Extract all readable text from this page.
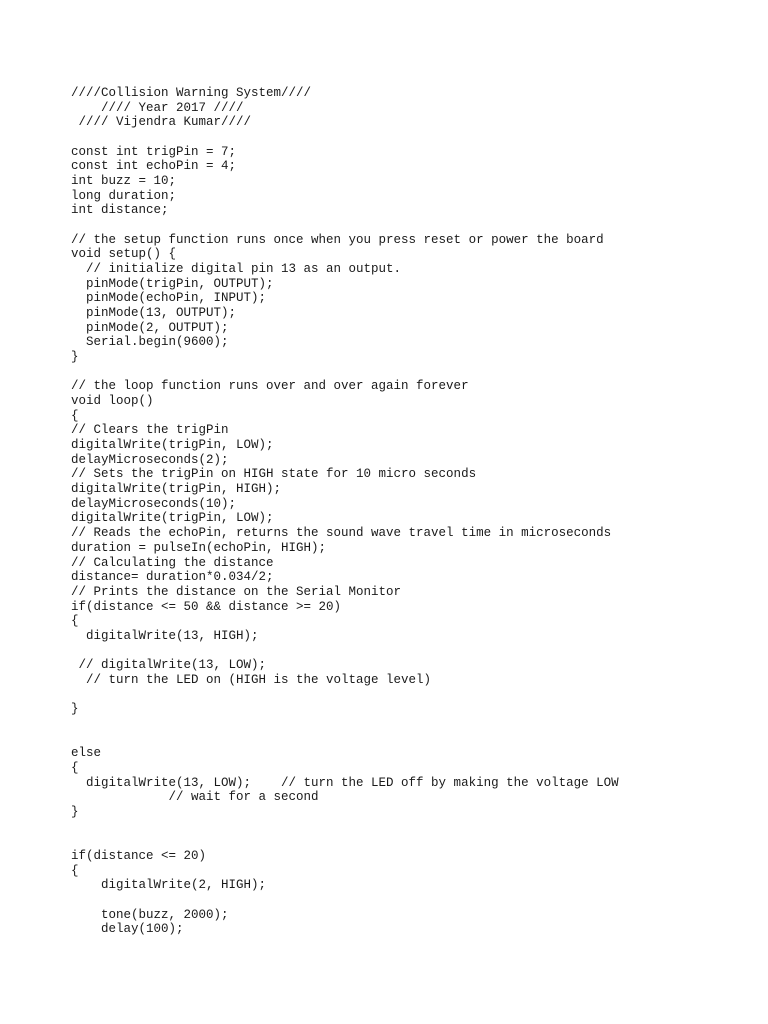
////Collision Warning System////
//// Year 2017 ////
//// Vijendra Kumar////
const int trigPin = 7;
const int echoPin = 4;
int buzz = 10;
long duration;
int distance;
// the setup function runs once when you press reset or power the board
void setup() {
// initialize digital pin 13 as an output.
pinMode(trigPin, OUTPUT);
pinMode(echoPin, INPUT);
pinMode(13, OUTPUT);
pinMode(2, OUTPUT);
Serial.begin(9600);
}
// the loop function runs over and over again forever
void loop()
{
// Clears the trigPin
digitalWrite(trigPin, LOW);
delayMicroseconds(2);
// Sets the trigPin on HIGH state for 10 micro seconds
digitalWrite(trigPin, HIGH);
delayMicroseconds(10);
digitalWrite(trigPin, LOW);
// Reads the echoPin, returns the sound wave travel time in microseconds
duration = pulseIn(echoPin, HIGH);
// Calculating the distance
distance= duration*0.034/2;
// Prints the distance on the Serial Monitor
if(distance <= 50 && distance >= 20)
{
digitalWrite(13, HIGH);
// digitalWrite(13, LOW);
// turn the LED on (HIGH is the voltage level)
}
else
{
digitalWrite(13, LOW);    // turn the LED off by making the voltage LOW
// wait for a second
}
if(distance <= 20)
{
digitalWrite(2, HIGH);
tone(buzz, 2000);
delay(100);
